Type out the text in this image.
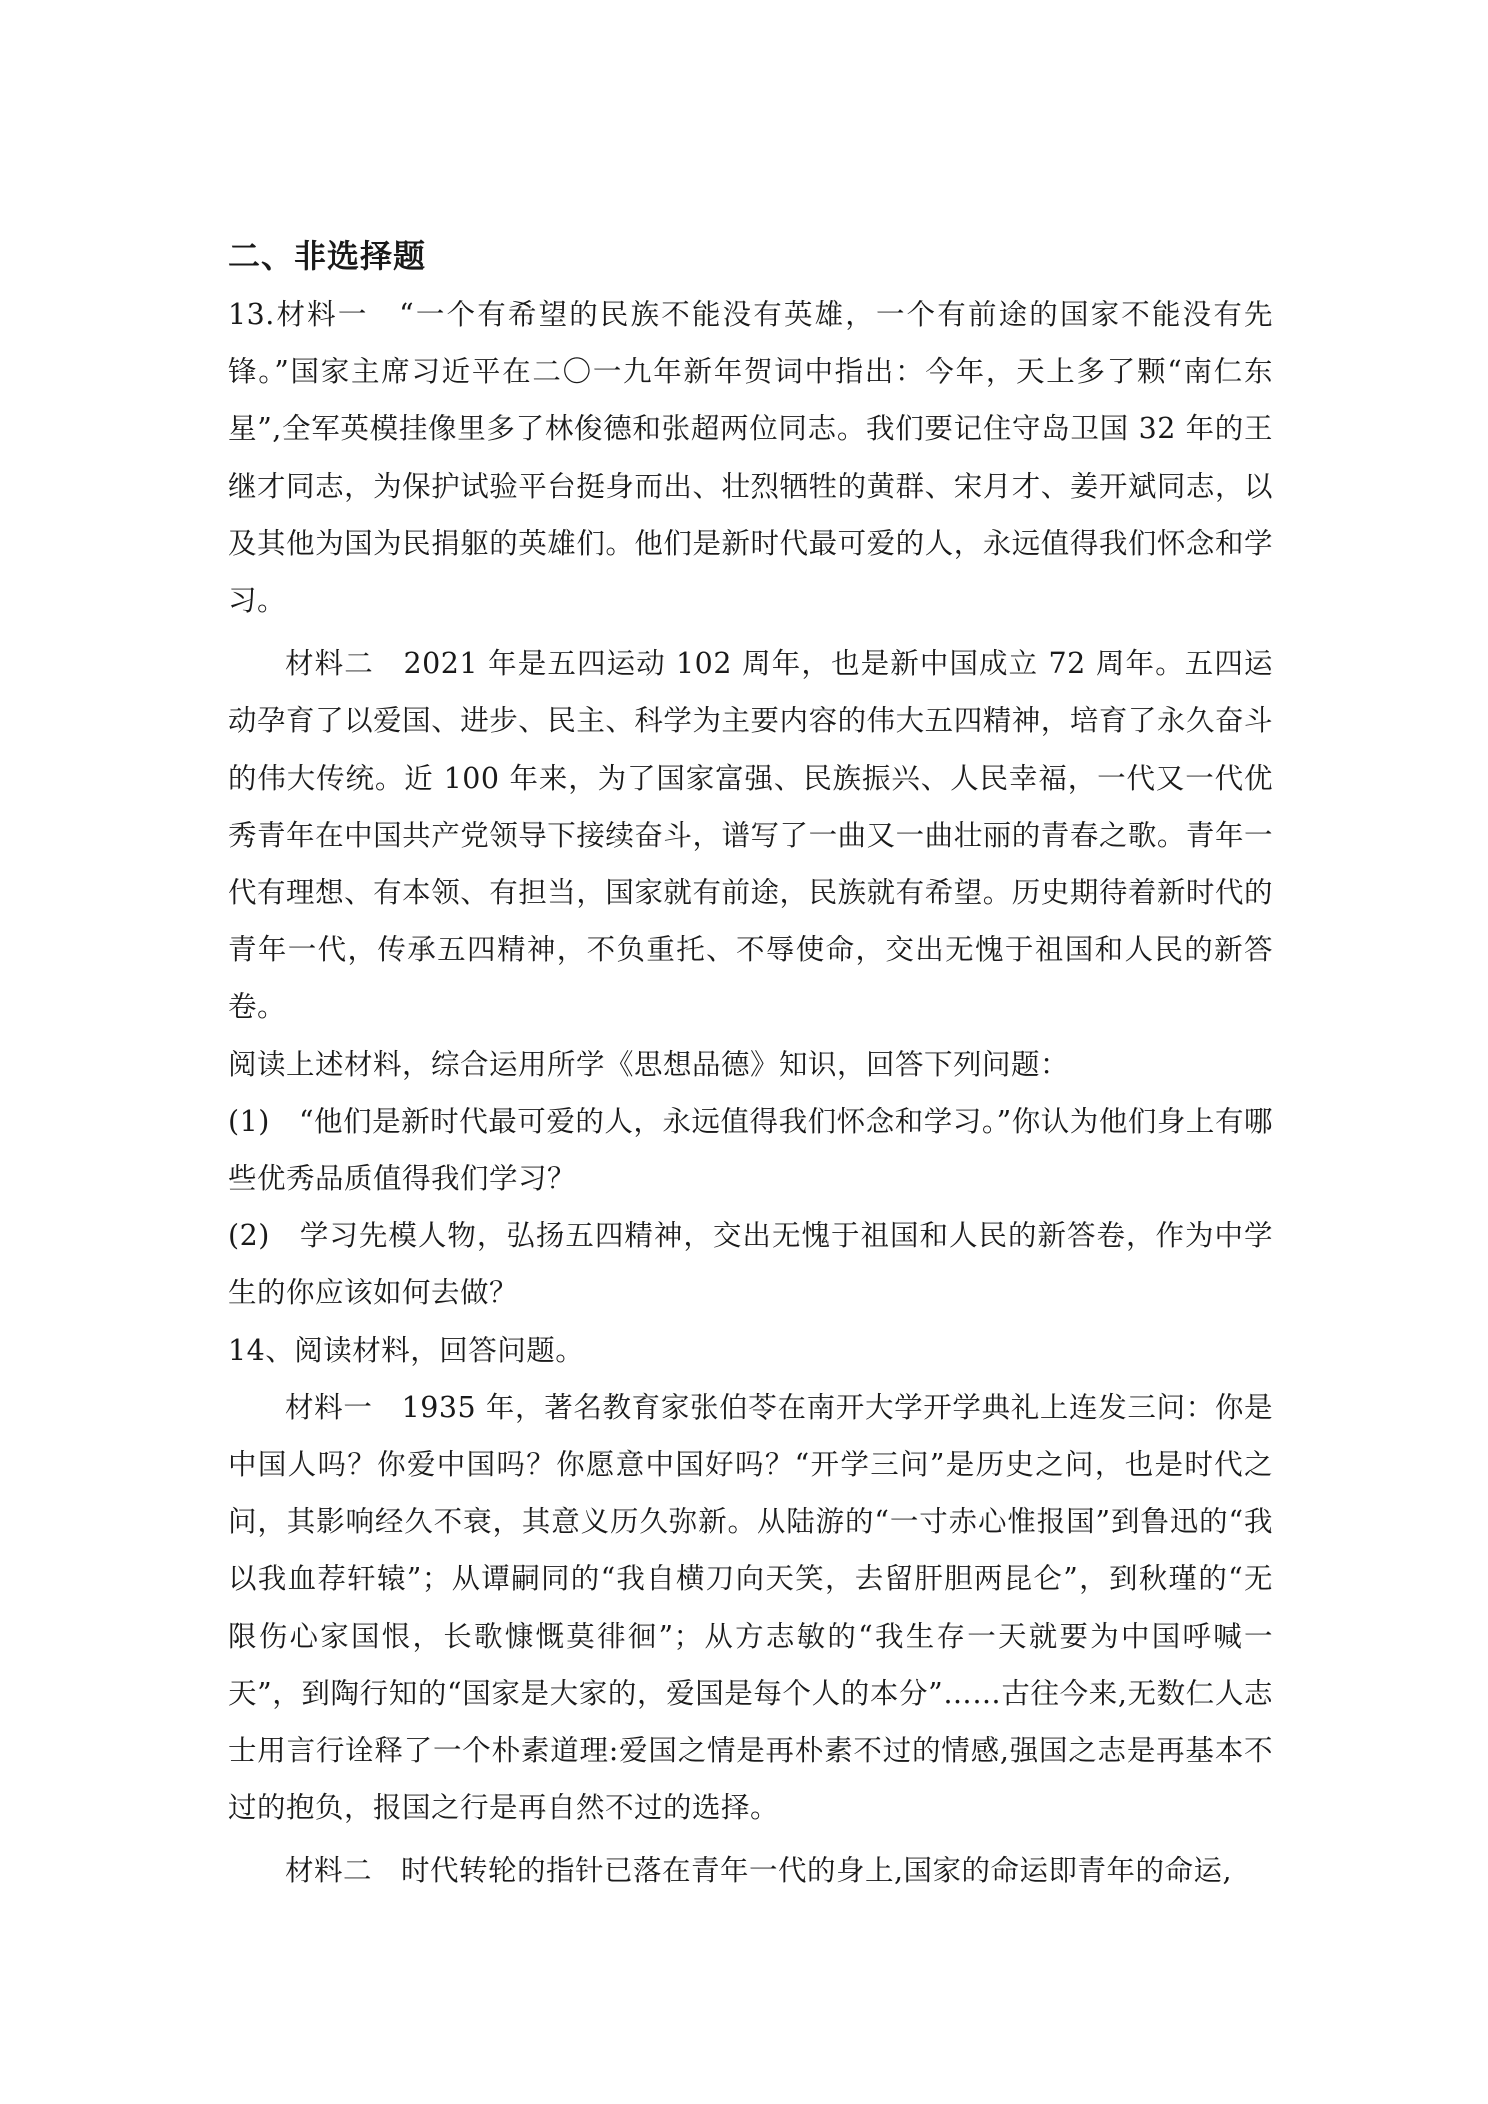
二、非选择题

13.材料一　“一个有希望的民族不能没有英雄，一个有前途的国家不能没有先锋。”国家主席习近平在二〇一九年新年贺词中指出：今年，天上多了颗“南仁东星”,全军英模挂像里多了林俊德和张超两位同志。我们要记住守岛卫国 32 年的王继才同志，为保护试验平台挺身而出、壮烈牺牲的黄群、宋月才、姜开斌同志，以及其他为国为民捐躯的英雄们。他们是新时代最可爱的人，永远值得我们怀念和学习。

材料二　2021 年是五四运动 102 周年，也是新中国成立 72 周年。五四运动孕育了以爱国、进步、民主、科学为主要内容的伟大五四精神，培育了永久奋斗的伟大传统。近 100 年来，为了国家富强、民族振兴、人民幸福，一代又一代优秀青年在中国共产党领导下接续奋斗，谱写了一曲又一曲壮丽的青春之歌。青年一代有理想、有本领、有担当，国家就有前途，民族就有希望。历史期待着新时代的青年一代，传承五四精神，不负重托、不辱使命，交出无愧于祖国和人民的新答卷。

阅读上述材料，综合运用所学《思想品德》知识，回答下列问题：

(1)　“他们是新时代最可爱的人，永远值得我们怀念和学习。”你认为他们身上有哪些优秀品质值得我们学习？

(2)　学习先模人物，弘扬五四精神，交出无愧于祖国和人民的新答卷，作为中学生的你应该如何去做？

14、阅读材料，回答问题。

材料一　1935 年，著名教育家张伯苓在南开大学开学典礼上连发三问：你是中国人吗？你爱中国吗？你愿意中国好吗？“开学三问”是历史之问，也是时代之问，其影响经久不衰，其意义历久弥新。从陆游的“一寸赤心惟报国”到鲁迅的“我以我血荐轩辕”；从谭嗣同的“我自横刀向天笑，去留肝胆两昆仑”，到秋瑾的“无限伤心家国恨，长歌慷慨莫徘徊”；从方志敏的“我生存一天就要为中国呼喊一天”，到陶行知的“国家是大家的，爱国是每个人的本分”……古往今来,无数仁人志士用言行诠释了一个朴素道理:爱国之情是再朴素不过的情感,强国之志是再基本不过的抱负，报国之行是再自然不过的选择。

材料二　时代转轮的指针已落在青年一代的身上,国家的命运即青年的命运,
